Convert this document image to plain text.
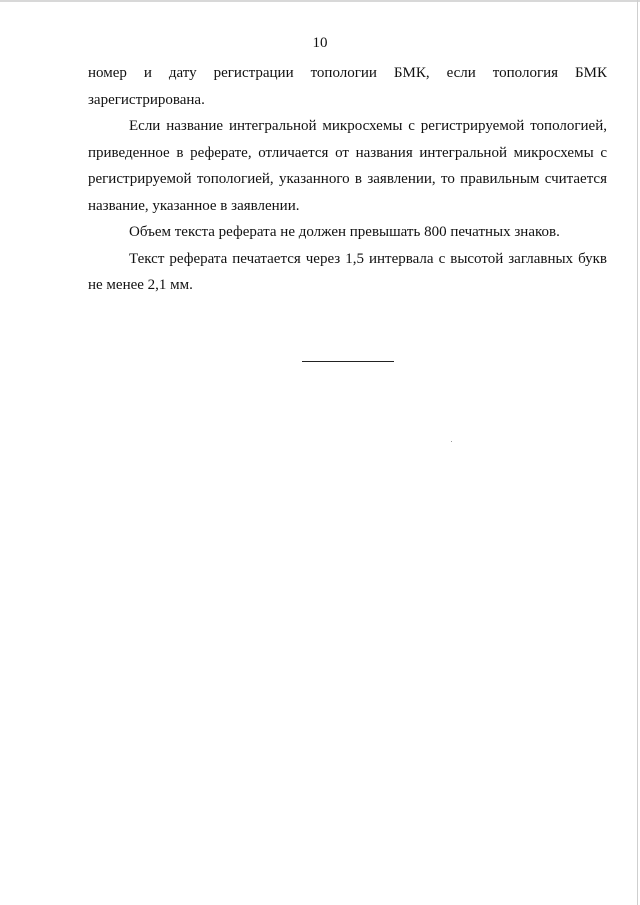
10

номер и дату регистрации топологии БМК, если топология БМК зарегистрирована.

Если название интегральной микросхемы с регистрируемой топологией, приведенное в реферате, отличается от названия интегральной микросхемы с регистрируемой топологией, указанного в заявлении, то правильным считается название, указанное в заявлении.

Объем текста реферата не должен превышать 800 печатных знаков.

Текст реферата печатается через 1,5 интервала с высотой заглавных букв не менее 2,1 мм.
